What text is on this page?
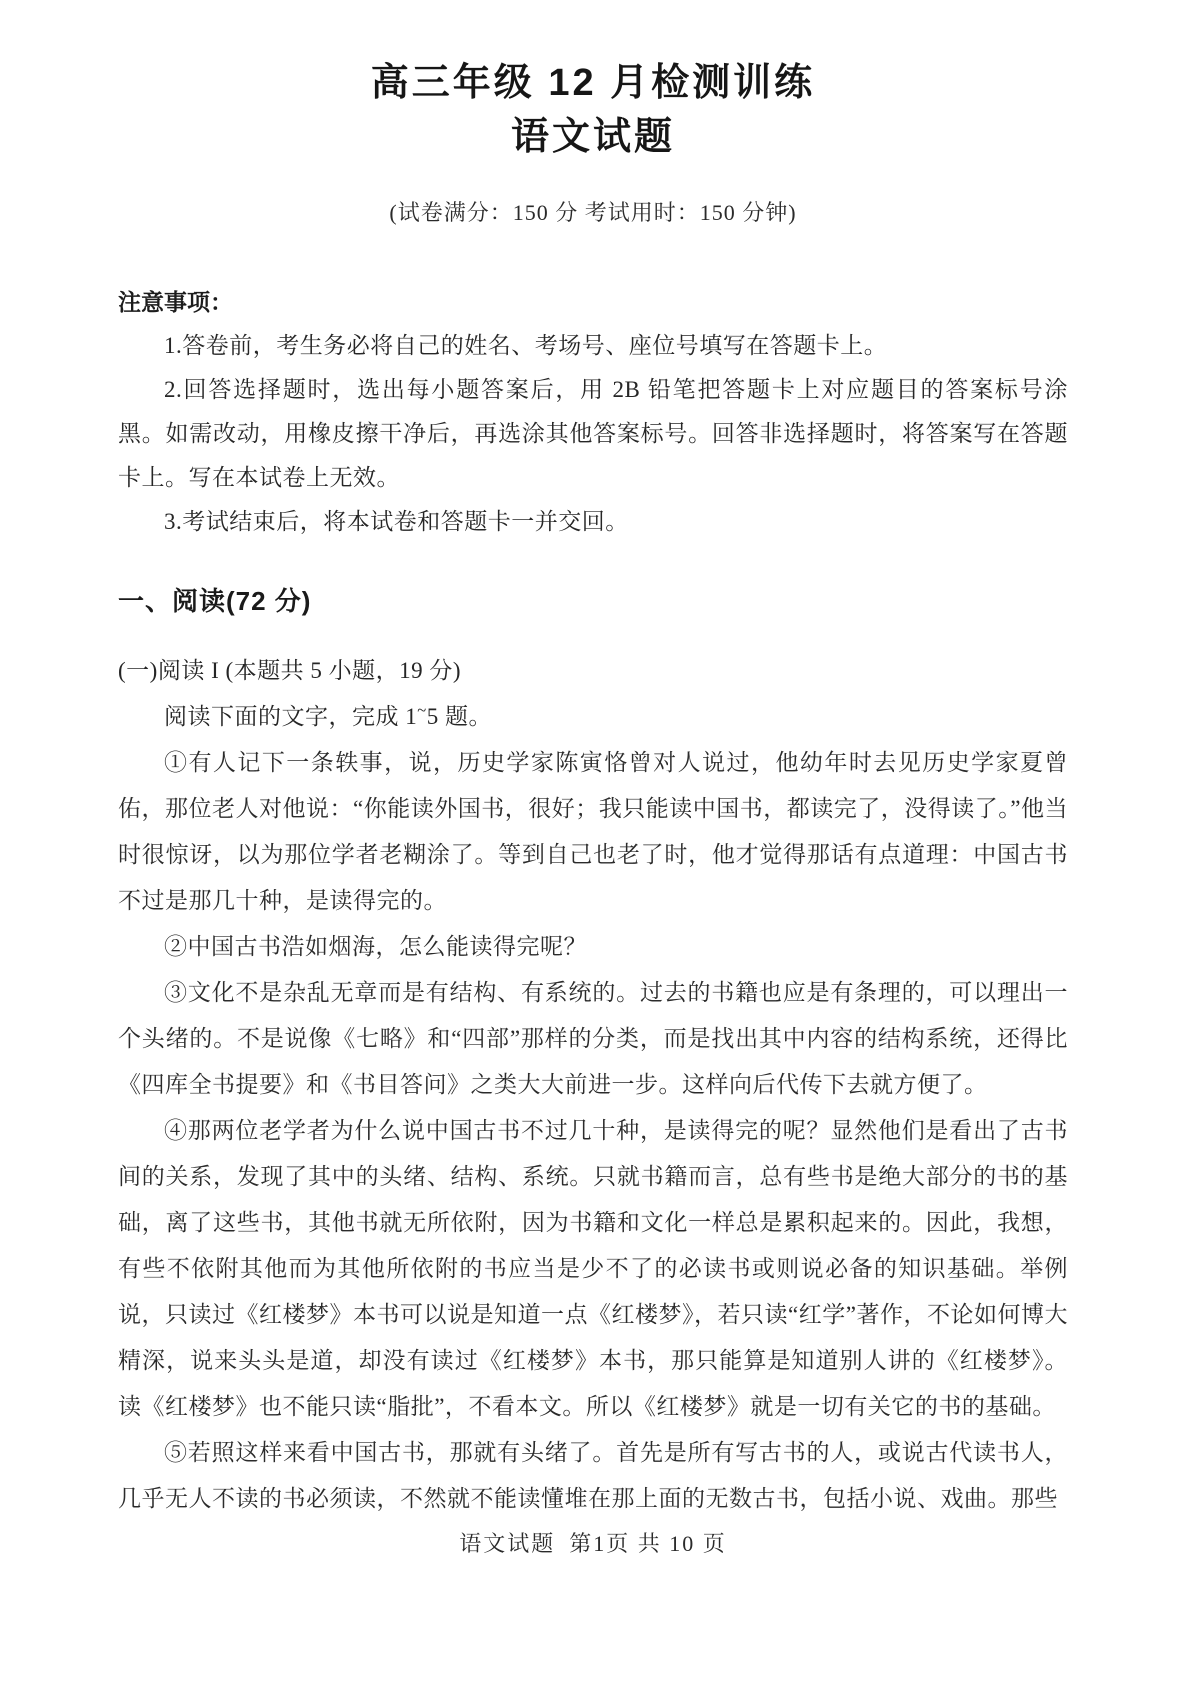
高三年级 12 月检测训练
语文试题

(试卷满分：150 分 考试用时：150 分钟)

注意事项：

1.答卷前，考生务必将自己的姓名、考场号、座位号填写在答题卡上。

2.回答选择题时，选出每小题答案后，用 2B 铅笔把答题卡上对应题目的答案标号涂黑。如需改动，用橡皮擦干净后，再选涂其他答案标号。回答非选择题时，将答案写在答题卡上。写在本试卷上无效。

3.考试结束后，将本试卷和答题卡一并交回。

一、阅读(72 分)

(一)阅读 I (本题共 5 小题，19 分)

阅读下面的文字，完成 1~5 题。

①有人记下一条轶事，说，历史学家陈寅恪曾对人说过，他幼年时去见历史学家夏曾佑，那位老人对他说：“你能读外国书，很好；我只能读中国书，都读完了，没得读了。”他当时很惊讶，以为那位学者老糊涂了。等到自己也老了时，他才觉得那话有点道理：中国古书不过是那几十种，是读得完的。

②中国古书浩如烟海，怎么能读得完呢？

③文化不是杂乱无章而是有结构、有系统的。过去的书籍也应是有条理的，可以理出一个头绪的。不是说像《七略》和“四部”那样的分类，而是找出其中内容的结构系统，还得比《四库全书提要》和《书目答问》之类大大前进一步。这样向后代传下去就方便了。

④那两位老学者为什么说中国古书不过几十种，是读得完的呢？显然他们是看出了古书间的关系，发现了其中的头绪、结构、系统。只就书籍而言，总有些书是绝大部分的书的基础，离了这些书，其他书就无所依附，因为书籍和文化一样总是累积起来的。因此，我想，有些不依附其他而为其他所依附的书应当是少不了的必读书或则说必备的知识基础。举例说，只读过《红楼梦》本书可以说是知道一点《红楼梦》，若只读“红学”著作，不论如何博大精深，说来头头是道，却没有读过《红楼梦》本书，那只能算是知道别人讲的《红楼梦》。读《红楼梦》也不能只读“脂批”，不看本文。所以《红楼梦》就是一切有关它的书的基础。

⑤若照这样来看中国古书，那就有头绪了。首先是所有写古书的人，或说古代读书人，几乎无人不读的书必须读，不然就不能读懂堆在那上面的无数古书，包括小说、戏曲。那些

语文试题 第1页 共 10 页
